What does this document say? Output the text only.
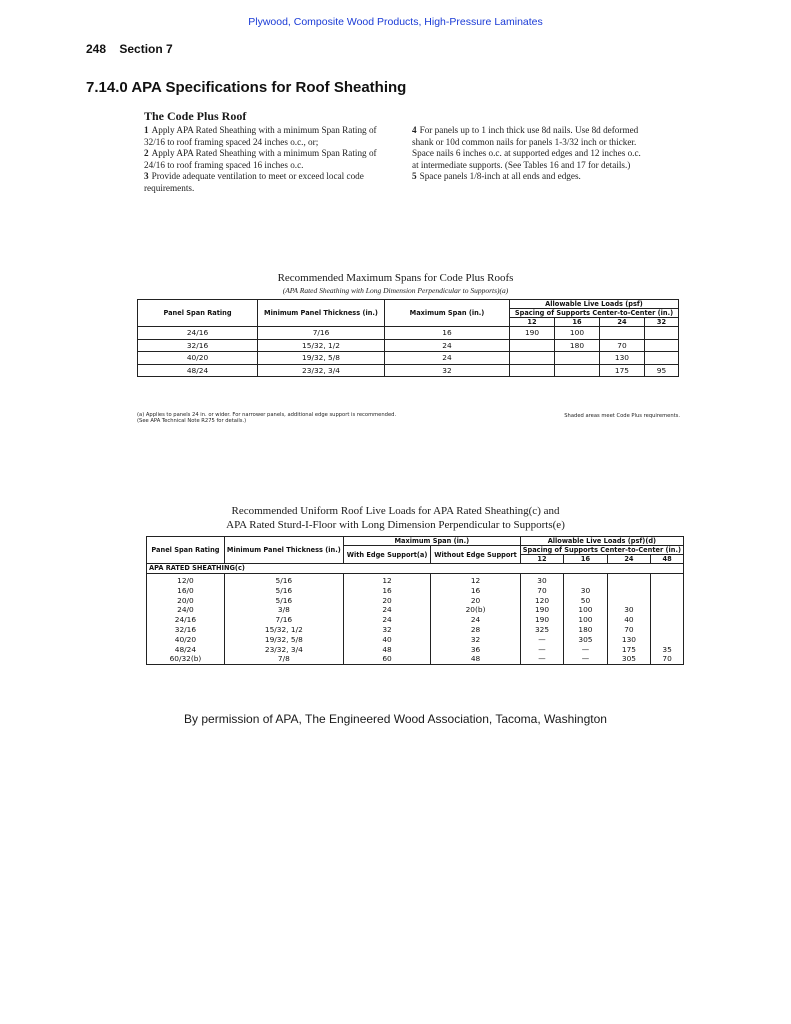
Plywood, Composite Wood Products, High-Pressure Laminates
248 Section 7
7.14.0 APA Specifications for Roof Sheathing
The Code Plus Roof

1 Apply APA Rated Sheathing with a minimum Span Rating of 32/16 to roof framing spaced 24 inches o.c., or;

2 Apply APA Rated Sheathing with a minimum Span Rating of 24/16 to roof framing spaced 16 inches o.c.

3 Provide adequate ventilation to meet or exceed local code requirements.

4 For panels up to 1 inch thick use 8d nails. Use 8d deformed shank or 10d common nails for panels 1-3/32 inch or thicker. Space nails 6 inches o.c. at supported edges and 12 inches o.c. at intermediate supports. (See Tables 16 and 17 for details.)

5 Space panels 1/8-inch at all ends and edges.

Recommended Maximum Spans for Code Plus Roofs
(APA Rated Sheathing with Long Dimension Perpendicular to Supports)(a)
Panel Span Rating	Minimum Panel Thickness (in.)	Maximum Span (in.)	Allowable Live Loads (psf)			
			Spacing of Supports Center-to-Center (in.)			
			12	16	24	32
24/16	7/16	16	190	100		
32/16	15/32, 1/2	24		180	70	
40/20	19/32, 5/8	24			130	
48/24	23/32, 3/4	32			175	95
(a) Applies to panels 24 in. or wider. For narrower panels, additional edge support is recommended. (See APA Technical Note R275 for details.)
Shaded areas meet Code Plus requirements.
Recommended Uniform Roof Live Loads for APA Rated Sheathing(c) and
APA Rated Sturd-I-Floor with Long Dimension Perpendicular to Supports(e)
Panel Span Rating	Minimum Panel Thickness (in.)	Maximum Span (in.)		Allowable Live Loads (psf)(d)			
		With Edge Support(a)	Without Edge Support	Spacing of Supports Center-to-Center (in.)			
				12	16	24	48
APA RATED SHEATHING(c)							
12/0	5/16	12	12	30			
16/0	5/16	16	16	70	30		
20/0	5/16	20	20	120	50		
24/0	3/8	24	20(b)	190	100	30	
24/16	7/16	24	24	190	100	40	
32/16	15/32, 1/2	32	28	325	180	70	
40/20	19/32, 5/8	40	32	—	305	130	
48/24	23/32, 3/4	48	36	—	—	175	35
60/32(b)	7/8	60	48	—	—	305	70
By permission of APA, The Engineered Wood Association, Tacoma, Washington
